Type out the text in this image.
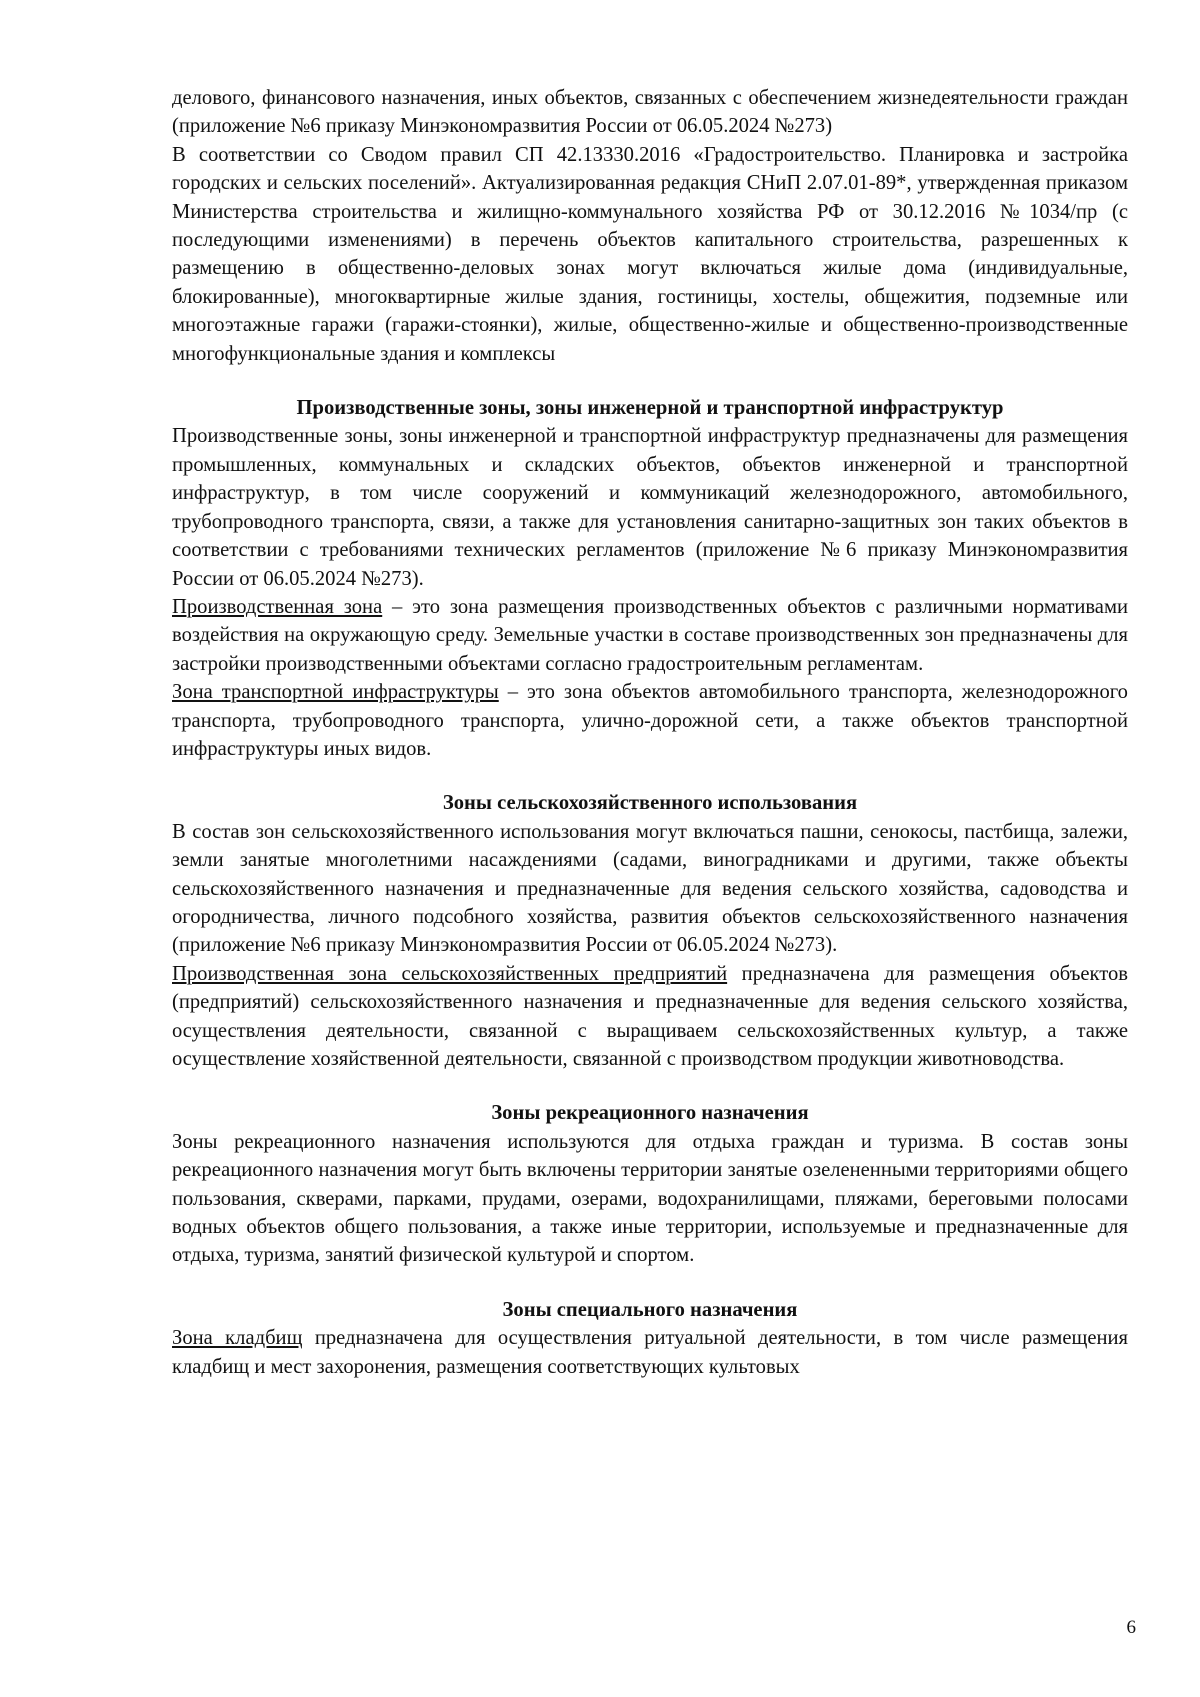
делового, финансового назначения, иных объектов, связанных с обеспечением жизнедеятельности граждан (приложение №6 приказу Минэкономразвития России от 06.05.2024 №273)

В соответствии со Сводом правил СП 42.13330.2016 «Градостроительство. Планировка и застройка городских и сельских поселений». Актуализированная редакция СНиП 2.07.01-89*, утвержденная приказом Министерства строительства и жилищно-коммунального хозяйства РФ от 30.12.2016 №1034/пр (с последующими изменениями) в перечень объектов капитального строительства, разрешенных к размещению в общественно-деловых зонах могут включаться жилые дома (индивидуальные, блокированные), многоквартирные жилые здания, гостиницы, хостелы, общежития, подземные или многоэтажные гаражи (гаражи-стоянки), жилые, общественно-жилые и общественно-производственные многофункциональные здания и комплексы

Производственные зоны, зоны инженерной и транспортной инфраструктур

Производственные зоны, зоны инженерной и транспортной инфраструктур предназначены для размещения промышленных, коммунальных и складских объектов, объектов инженерной и транспортной инфраструктур, в том числе сооружений и коммуникаций железнодорожного, автомобильного, трубопроводного транспорта, связи, а также для установления санитарно-защитных зон таких объектов в соответствии с требованиями технических регламентов (приложение №6 приказу Минэкономразвития России от 06.05.2024 №273).

Производственная зона – это зона размещения производственных объектов с различными нормативами воздействия на окружающую среду. Земельные участки в составе производственных зон предназначены для застройки производственными объектами согласно градостроительным регламентам.

Зона транспортной инфраструктуры – это зона объектов автомобильного транспорта, железнодорожного транспорта, трубопроводного транспорта, улично-дорожной сети, а также объектов транспортной инфраструктуры иных видов.

Зоны сельскохозяйственного использования

В состав зон сельскохозяйственного использования могут включаться пашни, сенокосы, пастбища, залежи, земли занятые многолетними насаждениями (садами, виноградниками и другими, также объекты сельскохозяйственного назначения и предназначенные для ведения сельского хозяйства, садоводства и огородничества, личного подсобного хозяйства, развития объектов сельскохозяйственного назначения (приложение №6 приказу Минэкономразвития России от 06.05.2024 №273).

Производственная зона сельскохозяйственных предприятий предназначена для размещения объектов (предприятий) сельскохозяйственного назначения и предназначенные для ведения сельского хозяйства, осуществления деятельности, связанной с выращиваем сельскохозяйственных культур, а также осуществление хозяйственной деятельности, связанной с производством продукции животноводства.

Зоны рекреационного назначения

Зоны рекреационного назначения используются для отдыха граждан и туризма. В состав зоны рекреационного назначения могут быть включены территории занятые озелененными территориями общего пользования, скверами, парками, прудами, озерами, водохранилищами, пляжами, береговыми полосами водных объектов общего пользования, а также иные территории, используемые и предназначенные для отдыха, туризма, занятий физической культурой и спортом.

Зоны специального назначения

Зона кладбищ предназначена для осуществления ритуальной деятельности, в том числе размещения кладбищ и мест захоронения, размещения соответствующих культовых

6
